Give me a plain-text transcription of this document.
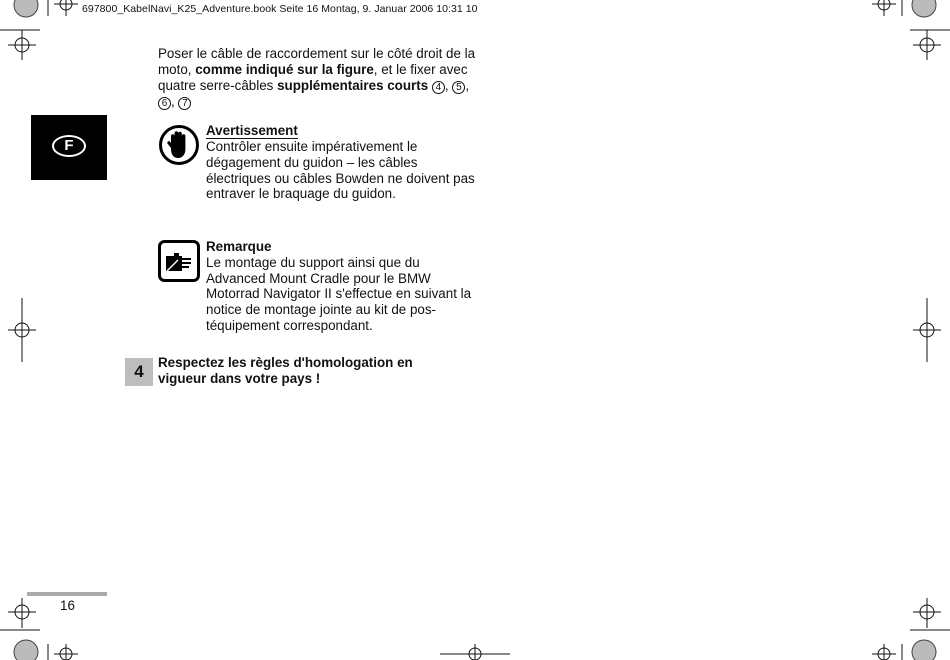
697800_KabelNavi_K25_Adventure.book Seite 16 Montag, 9. Januar 2006 10:31 10
F
Poser le câble de raccordement sur le côté droit de la moto, comme indiqué sur la figure, et le fixer avec quatre serre-câbles supplémentaires courts 4 , 5 , 6 , 7
Avertissement
Contrôler ensuite impérativement le dégagement du guidon – les câbles électriques ou câbles Bowden ne doivent pas entraver le braquage du guidon.
Remarque
Le montage du support ainsi que du Advanced Mount Cradle pour le BMW Motorrad Navigator II s'effectue en suivant la notice de montage jointe au kit de pos-téquipement correspondant.
4	Respectez les règles d'homologation en vigueur dans votre pays !
16
